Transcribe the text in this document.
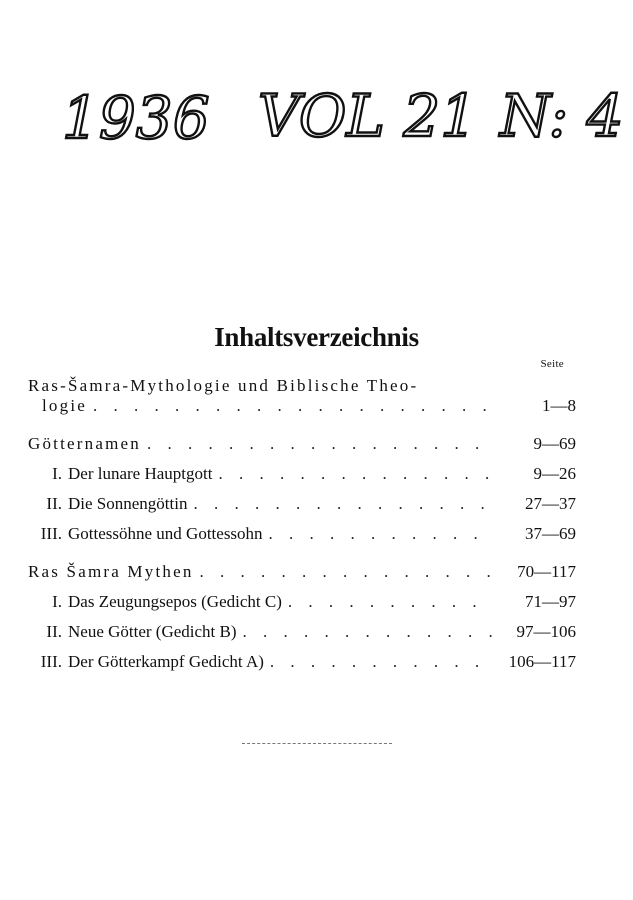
1936 VOL 21 N: 4
Inhaltsverzeichnis
Seite
Ras-Šamra-Mythologie und Biblische Theo-
logie . . .	1—8
Götternamen . . .	9—69
I. Der lunare Hauptgott . . .	9—26
II. Die Sonnengöttin . . .	27—37
III. Gottessöhne und Gottessohn . . .	37—69
Ras Šamra Mythen . . .	70—117
I. Das Zeugungsepos (Gedicht C) . . .	71—97
II. Neue Götter (Gedicht B) . . .	97—106
III. Der Götterkampf Gedicht A) . . .	106—117
